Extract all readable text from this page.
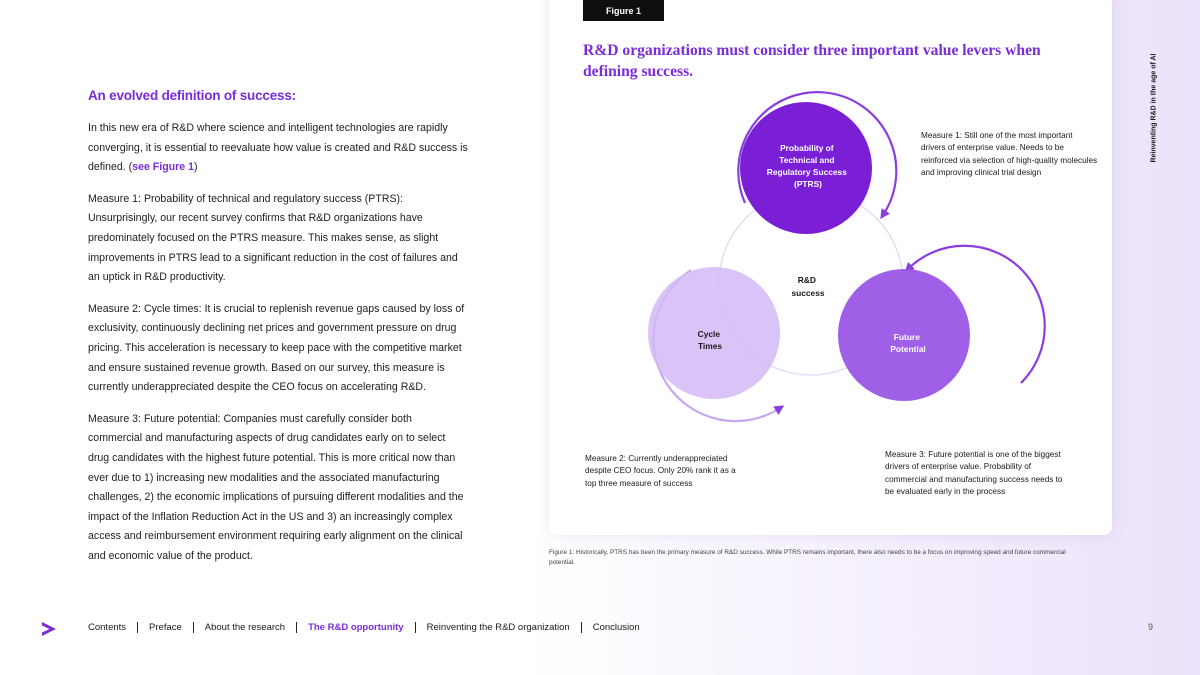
An evolved definition of success:

In this new era of R&D where science and intelligent technologies are rapidly converging, it is essential to reevaluate how value is created and R&D success is defined. (see Figure 1)

Measure 1: Probability of technical and regulatory success (PTRS): Unsurprisingly, our recent survey confirms that R&D organizations have predominately focused on the PTRS measure. This makes sense, as slight improvements in PTRS lead to a significant reduction in the cost of failures and an uptick in R&D productivity.

Measure 2: Cycle times: It is crucial to replenish revenue gaps caused by loss of exclusivity, continuously declining net prices and government pressure on drug pricing. This acceleration is necessary to keep pace with the competitive market and ensure sustained revenue growth. Based on our survey, this measure is currently underappreciated despite the CEO focus on accelerating R&D.

Measure 3: Future potential: Companies must carefully consider both commercial and manufacturing aspects of drug candidates early on to select drug candidates with the highest future potential. This is more critical now than ever due to 1) increasing new modalities and the associated manufacturing challenges, 2) the economic implications of pursuing different modalities and the impact of the Inflation Reduction Act in the US and 3) an increasingly complex access and reimbursement environment requiring early alignment on the clinical and economic value of the product.

Figure 1
R&D organizations must consider three important value levers when defining success.
Probability of Technical and Regulatory Success (PTRS)
R&D success
Cycle Times
Future Potential
Measure 1: Still one of the most important drivers of enterprise value. Needs to be reinforced via selection of high-quality molecules and improving clinical trial design
Measure 2: Currently underappreciated despite CEO focus. Only 20% rank it as a top three measure of success
Measure 3: Future potential is one of the biggest drivers of enterprise value. Probability of commercial and manufacturing success needs to be evaluated early in the process
Figure 1: Historically, PTRS has been the primary measure of R&D success. While PTRS remains important, there also needs to be a focus on improving speed and future commercial potential.
Reinventing R&D in the age of AI
Contents Preface About the research The R&D opportunity Reinventing the R&D organization Conclusion	9
